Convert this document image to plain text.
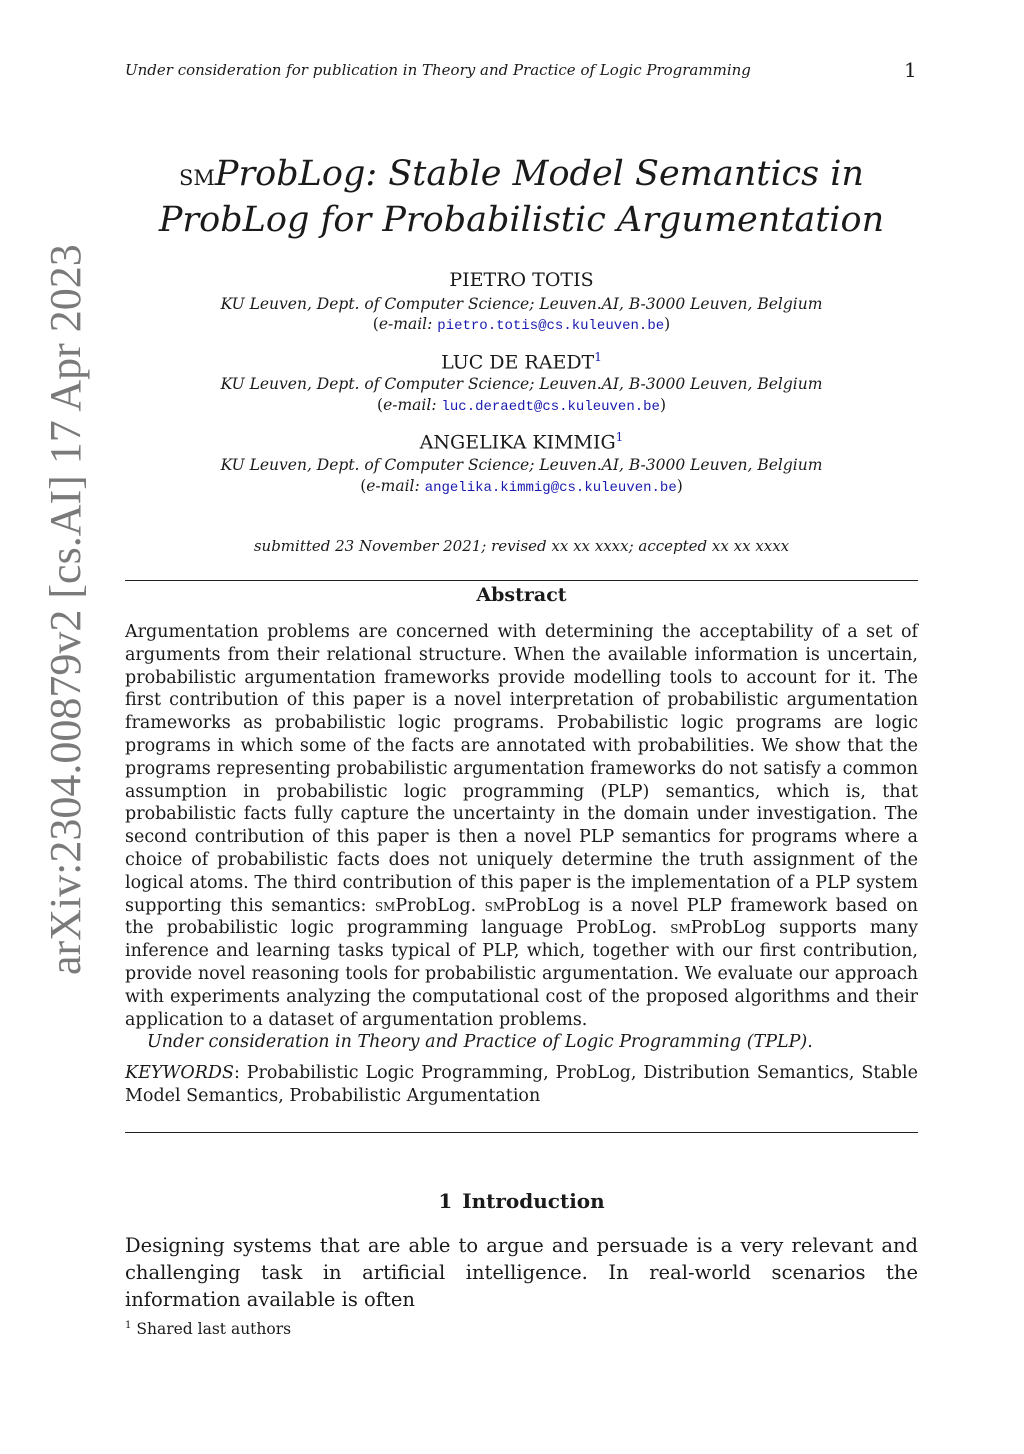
Under consideration for publication in Theory and Practice of Logic Programming	1
arXiv:2304.00879v2 [cs.AI] 17 Apr 2023
smProbLog: Stable Model Semantics in ProbLog for Probabilistic Argumentation
PIETRO TOTIS
KU Leuven, Dept. of Computer Science; Leuven.AI, B-3000 Leuven, Belgium
(e-mail: pietro.totis@cs.kuleuven.be)
LUC DE RAEDT$^1$
KU Leuven, Dept. of Computer Science; Leuven.AI, B-3000 Leuven, Belgium
(e-mail: luc.deraedt@cs.kuleuven.be)
ANGELIKA KIMMIG$^1$
KU Leuven, Dept. of Computer Science; Leuven.AI, B-3000 Leuven, Belgium
(e-mail: angelika.kimmig@cs.kuleuven.be)
submitted 23 November 2021; revised xx xx xxxx; accepted xx xx xxxx
Abstract

Argumentation problems are concerned with determining the acceptability of a set of arguments from their relational structure. When the available information is uncertain, probabilistic argumentation frameworks provide modelling tools to account for it. The first contribution of this paper is a novel interpretation of probabilistic argumentation frameworks as probabilistic logic programs. Probabilistic logic programs are logic programs in which some of the facts are annotated with probabilities. We show that the programs representing probabilistic argumentation frameworks do not satisfy a common assumption in probabilistic logic programming (PLP) semantics, which is, that probabilistic facts fully capture the uncertainty in the domain under investigation. The second contribution of this paper is then a novel PLP semantics for programs where a choice of probabilistic facts does not uniquely determine the truth assignment of the logical atoms. The third contribution of this paper is the implementation of a PLP system supporting this semantics: smProbLog. smProbLog is a novel PLP framework based on the probabilistic logic programming language ProbLog. smProbLog supports many inference and learning tasks typical of PLP, which, together with our first contribution, provide novel reasoning tools for probabilistic argumentation. We evaluate our approach with experiments analyzing the computational cost of the proposed algorithms and their application to a dataset of argumentation problems.

Under consideration in Theory and Practice of Logic Programming (TPLP).

KEYWORDS: Probabilistic Logic Programming, ProbLog, Distribution Semantics, Stable Model Semantics, Probabilistic Argumentation
1 Introduction

Designing systems that are able to argue and persuade is a very relevant and challenging task in artificial intelligence. In real-world scenarios the information available is often

$^1$ Shared last authors
